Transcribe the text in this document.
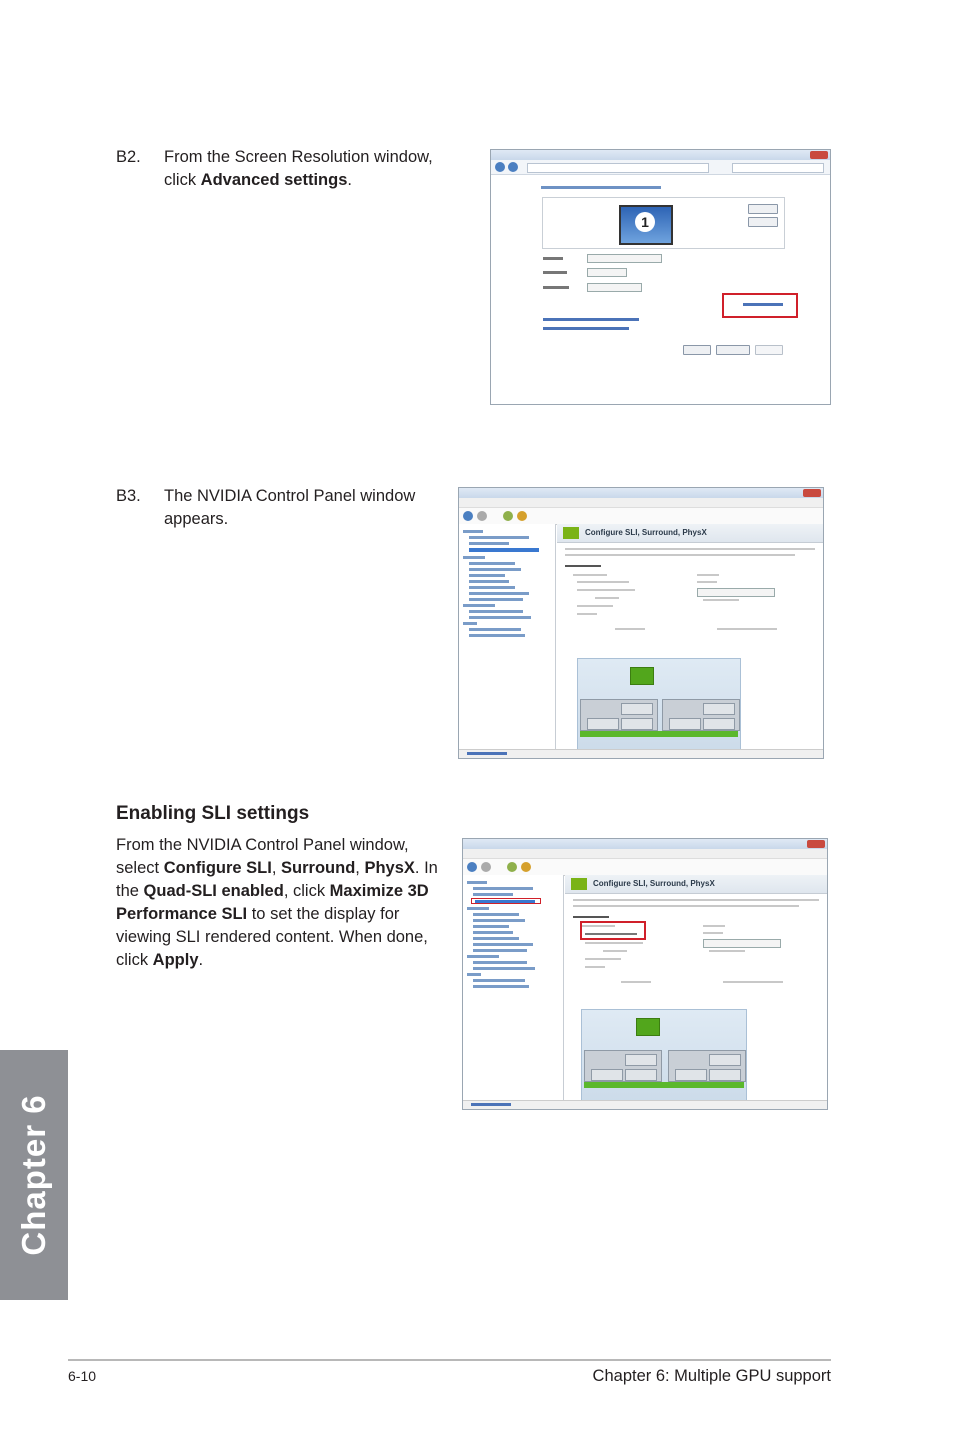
B2. From the Screen Resolution window, click Advanced settings.
1
B3. The NVIDIA Control Panel window appears.
Configure SLI, Surround, PhysX
Enabling SLI settings
From the NVIDIA Control Panel window, select Configure SLI, Surround, PhysX. In the Quad-SLI enabled, click Maximize 3D Performance SLI to set the display for viewing SLI rendered content. When done, click Apply.
Configure SLI, Surround, PhysX
Chapter 6
6-10	Chapter 6: Multiple GPU support
